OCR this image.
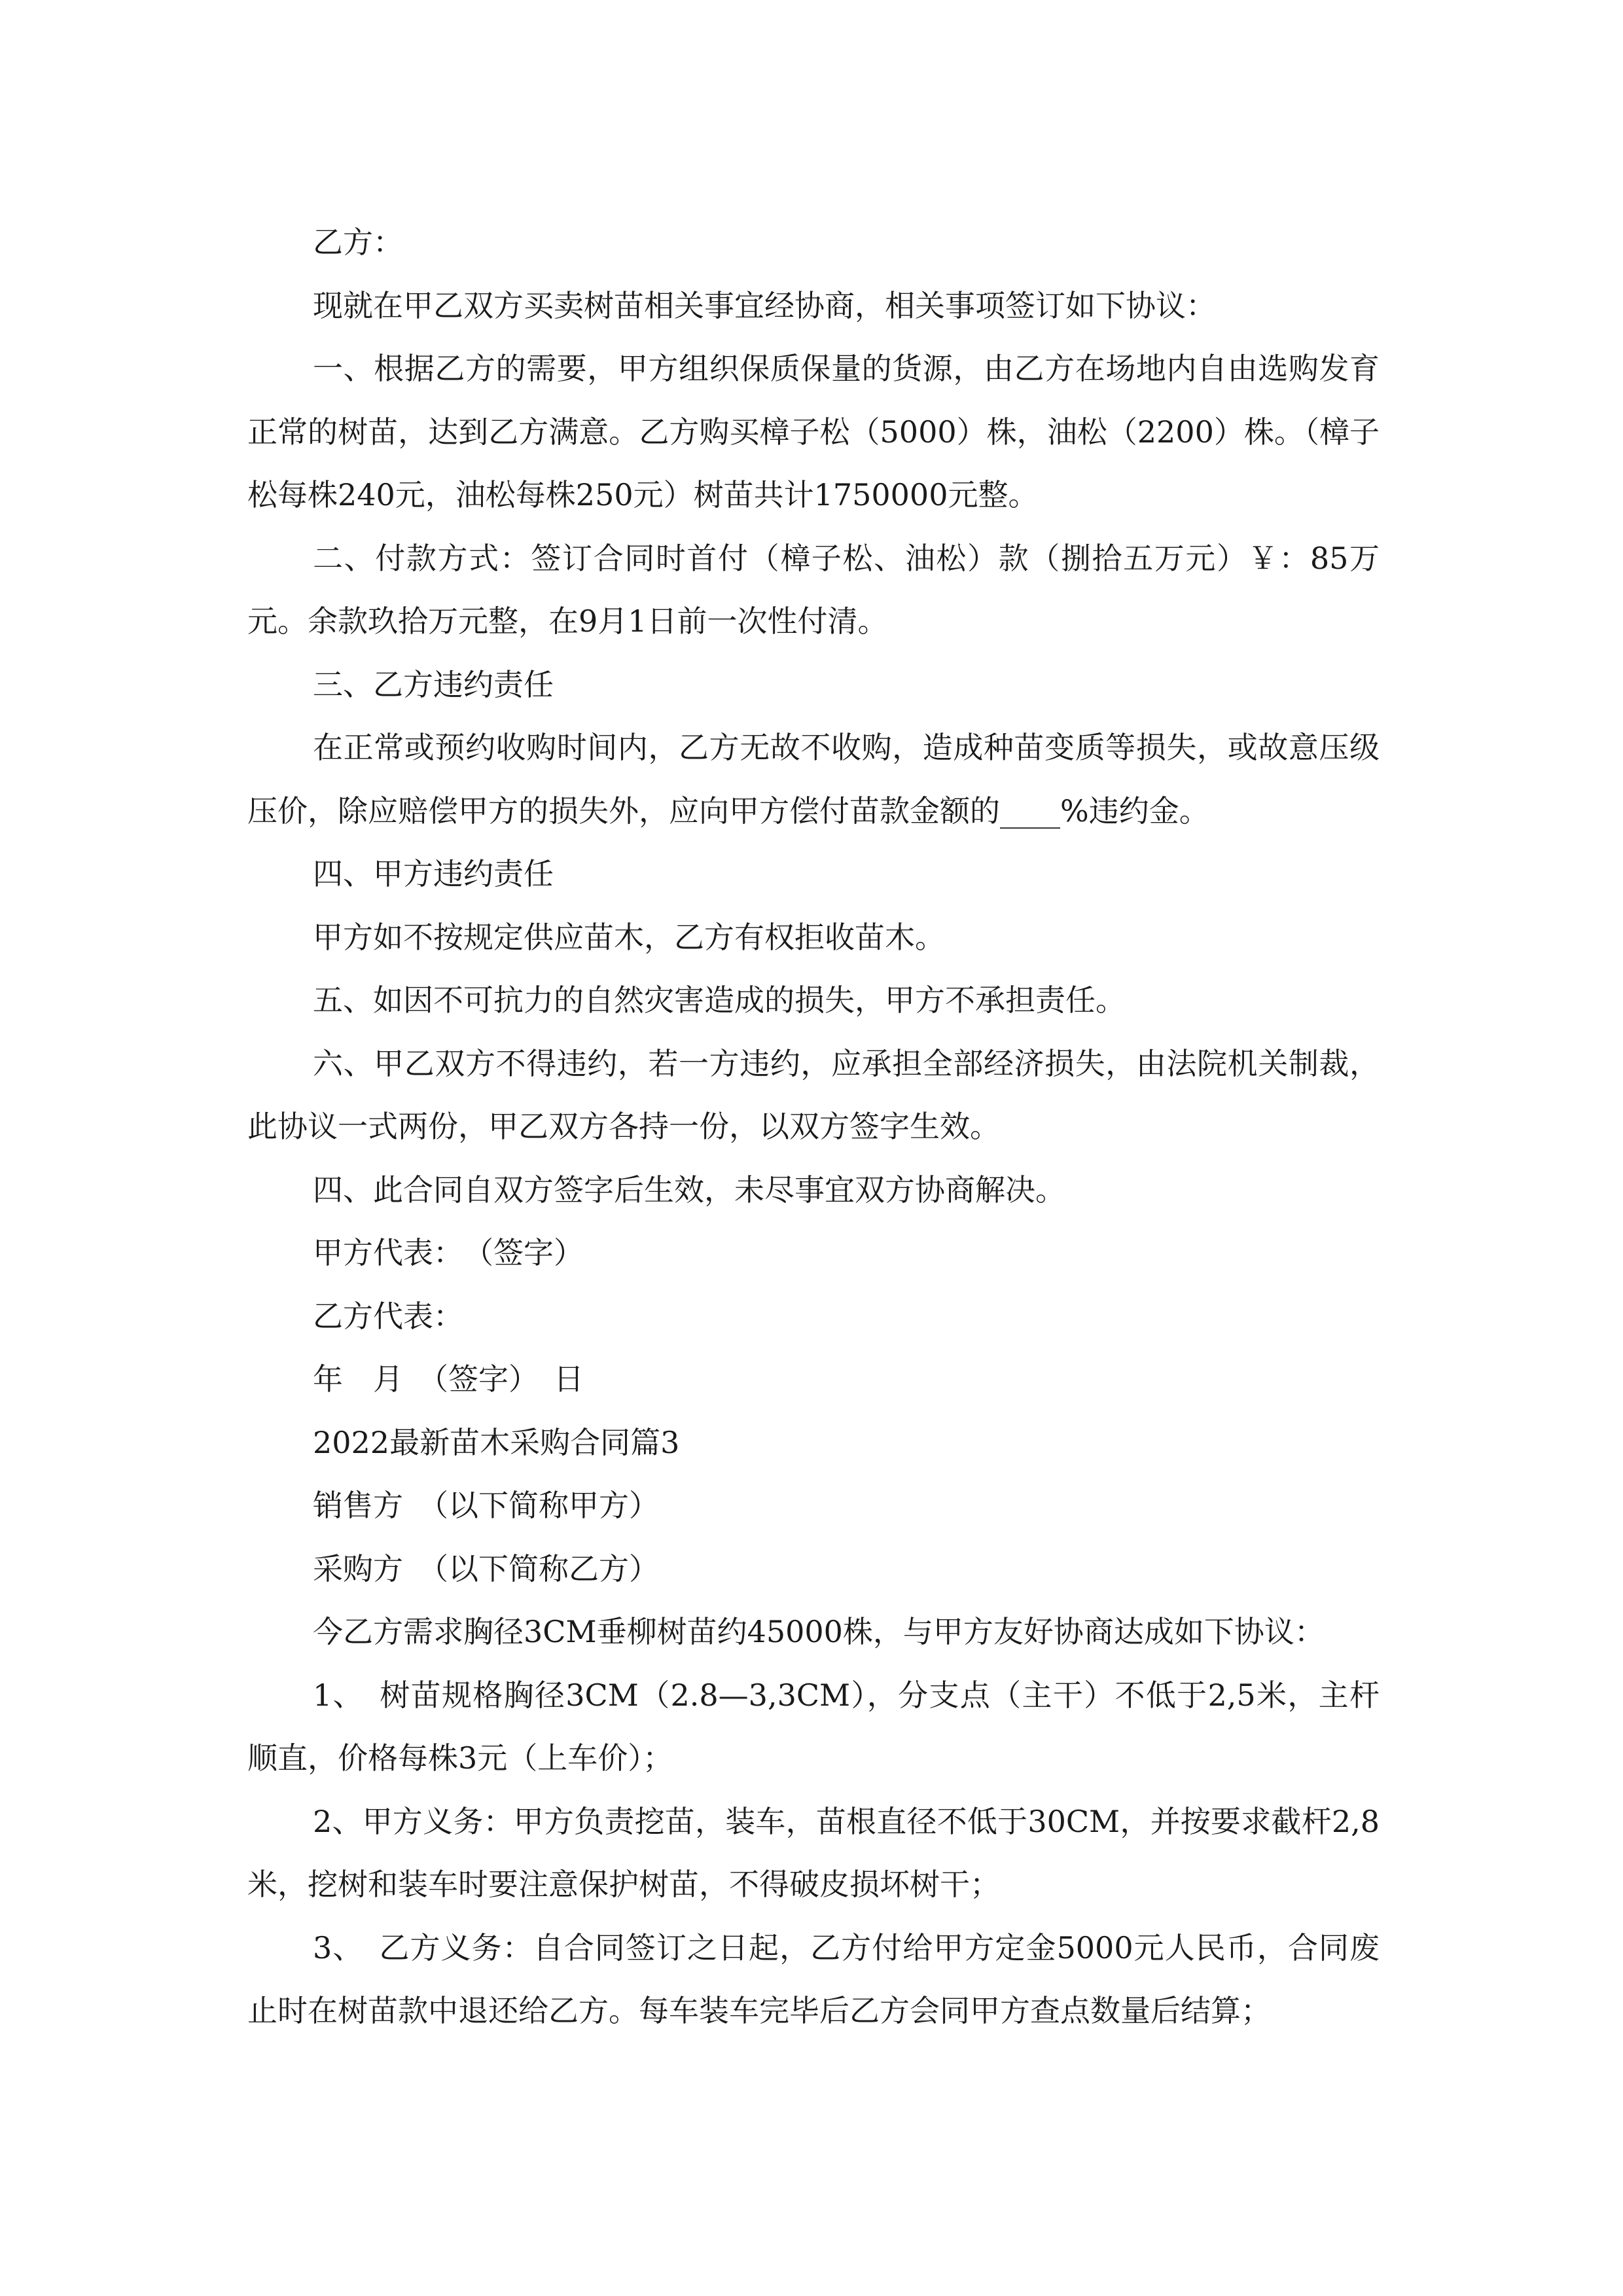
乙方：

现就在甲乙双方买卖树苗相关事宜经协商，相关事项签订如下协议：

一、根据乙方的需要，甲方组织保质保量的货源，由乙方在场地内自由选购发育正常的树苗，达到乙方满意。乙方购买樟子松（5000）株，油松（2200）株。（樟子松每株240元，油松每株250元）树苗共计1750000元整。

二、付款方式：签订合同时首付（樟子松、油松）款（捌拾五万元）￥：85万元。余款玖拾万元整，在9月1日前一次性付清。

三、乙方违约责任

在正常或预约收购时间内，乙方无故不收购，造成种苗变质等损失，或故意压级压价，除应赔偿甲方的损失外，应向甲方偿付苗款金额的____%违约金。

四、甲方违约责任

甲方如不按规定供应苗木，乙方有权拒收苗木。

五、如因不可抗力的自然灾害造成的损失，甲方不承担责任。

六、甲乙双方不得违约，若一方违约，应承担全部经济损失，由法院机关制裁，此协议一式两份，甲乙双方各持一份，以双方签字生效。

四、此合同自双方签字后生效，未尽事宜双方协商解决。

甲方代表：　（签字）

乙方代表：

年　月　（签字）　日

2022最新苗木采购合同篇3

销售方　（以下简称甲方）

采购方　（以下简称乙方）

今乙方需求胸径3CM垂柳树苗约45000株，与甲方友好协商达成如下协议：

1、　树苗规格胸径3CM（2.8—3,3CM），分支点（主干）不低于2,5米，主杆顺直，价格每株3元（上车价）；

2、甲方义务：甲方负责挖苗，装车，苗根直径不低于30CM，并按要求截杆2,8米，挖树和装车时要注意保护树苗，不得破皮损坏树干；

3、　乙方义务：自合同签订之日起，乙方付给甲方定金5000元人民币，合同废止时在树苗款中退还给乙方。每车装车完毕后乙方会同甲方查点数量后结算；
